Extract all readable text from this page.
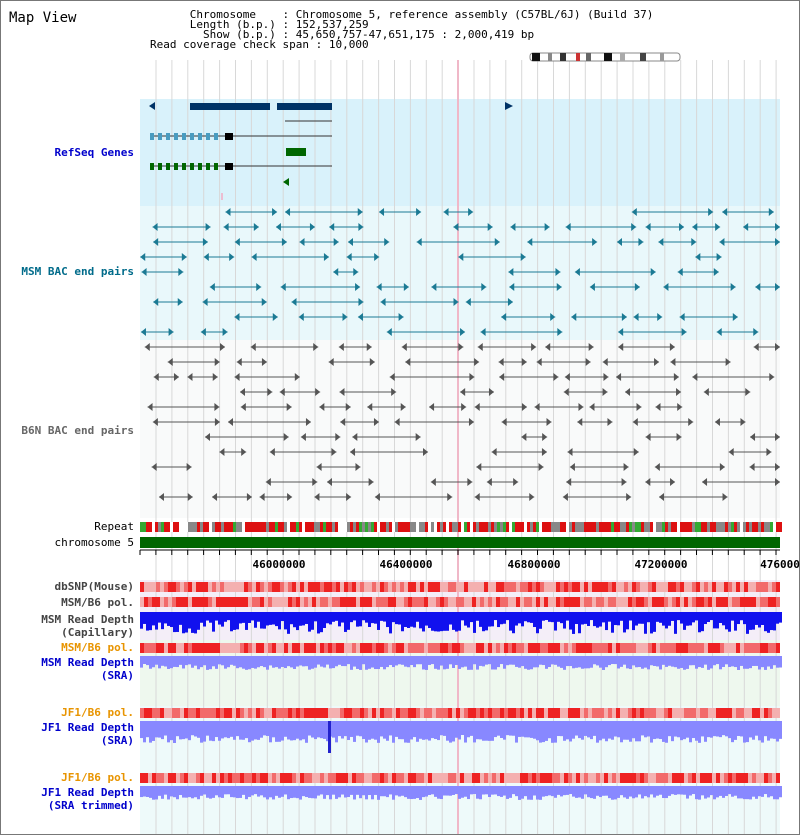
Map View	Chromosome    : Chromosome 5, reference assembly (C57BL/6J) (Build 37)
Length (b.p.) : 152,537,259
Show (b.p.) : 45,650,757-47,651,175 : 2,000,419 bp
Read coverage check span : 10,000
RefSeq Genes
MSM BAC end pairs
B6N BAC end pairs
Repeat
chromosome 5
dbSNP(Mouse)
MSM/B6 pol.
MSM Read Depth
(Capillary)
MSM/B6 pol.
MSM Read Depth
(SRA)
JF1/B6 pol.
JF1 Read Depth
(SRA)
JF1/B6 pol.
JF1 Read Depth
(SRA trimmed)
46000000	46400000	46800000	47200000	476000
